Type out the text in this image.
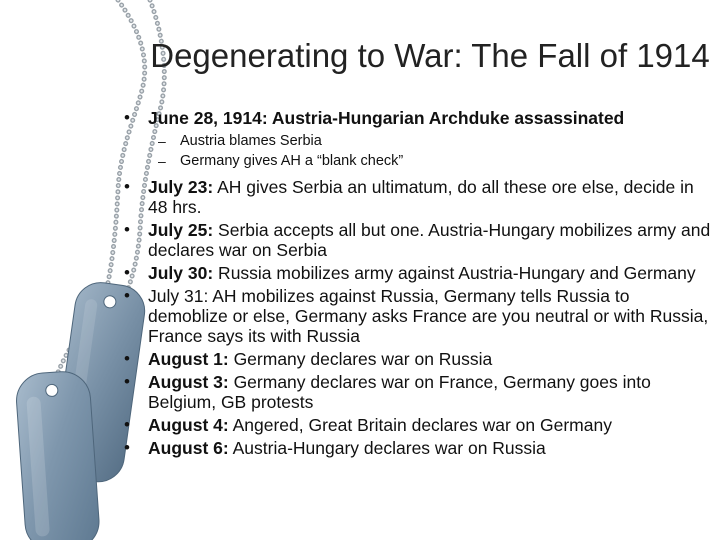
Degenerating to War: The Fall of 1914
• June 28, 1914: Austria-Hungarian Archduke assassinated
– Austria blames Serbia
– Germany gives AH a “blank check”
• July 23: AH gives Serbia an ultimatum, do all these ore else, decide in 48 hrs.
• July 25: Serbia accepts all but one. Austria-Hungary mobilizes army and declares war on Serbia
• July 30: Russia mobilizes army against Austria-Hungary and Germany
• July 31: AH mobilizes against Russia, Germany tells Russia to demoblize or else, Germany asks France are you neutral or with Russia, France says its with Russia
• August 1: Germany declares war on Russia
• August 3: Germany declares war on France, Germany goes into Belgium, GB protests
• August 4: Angered, Great Britain declares war on Germany
• August 6: Austria-Hungary declares war on Russia
